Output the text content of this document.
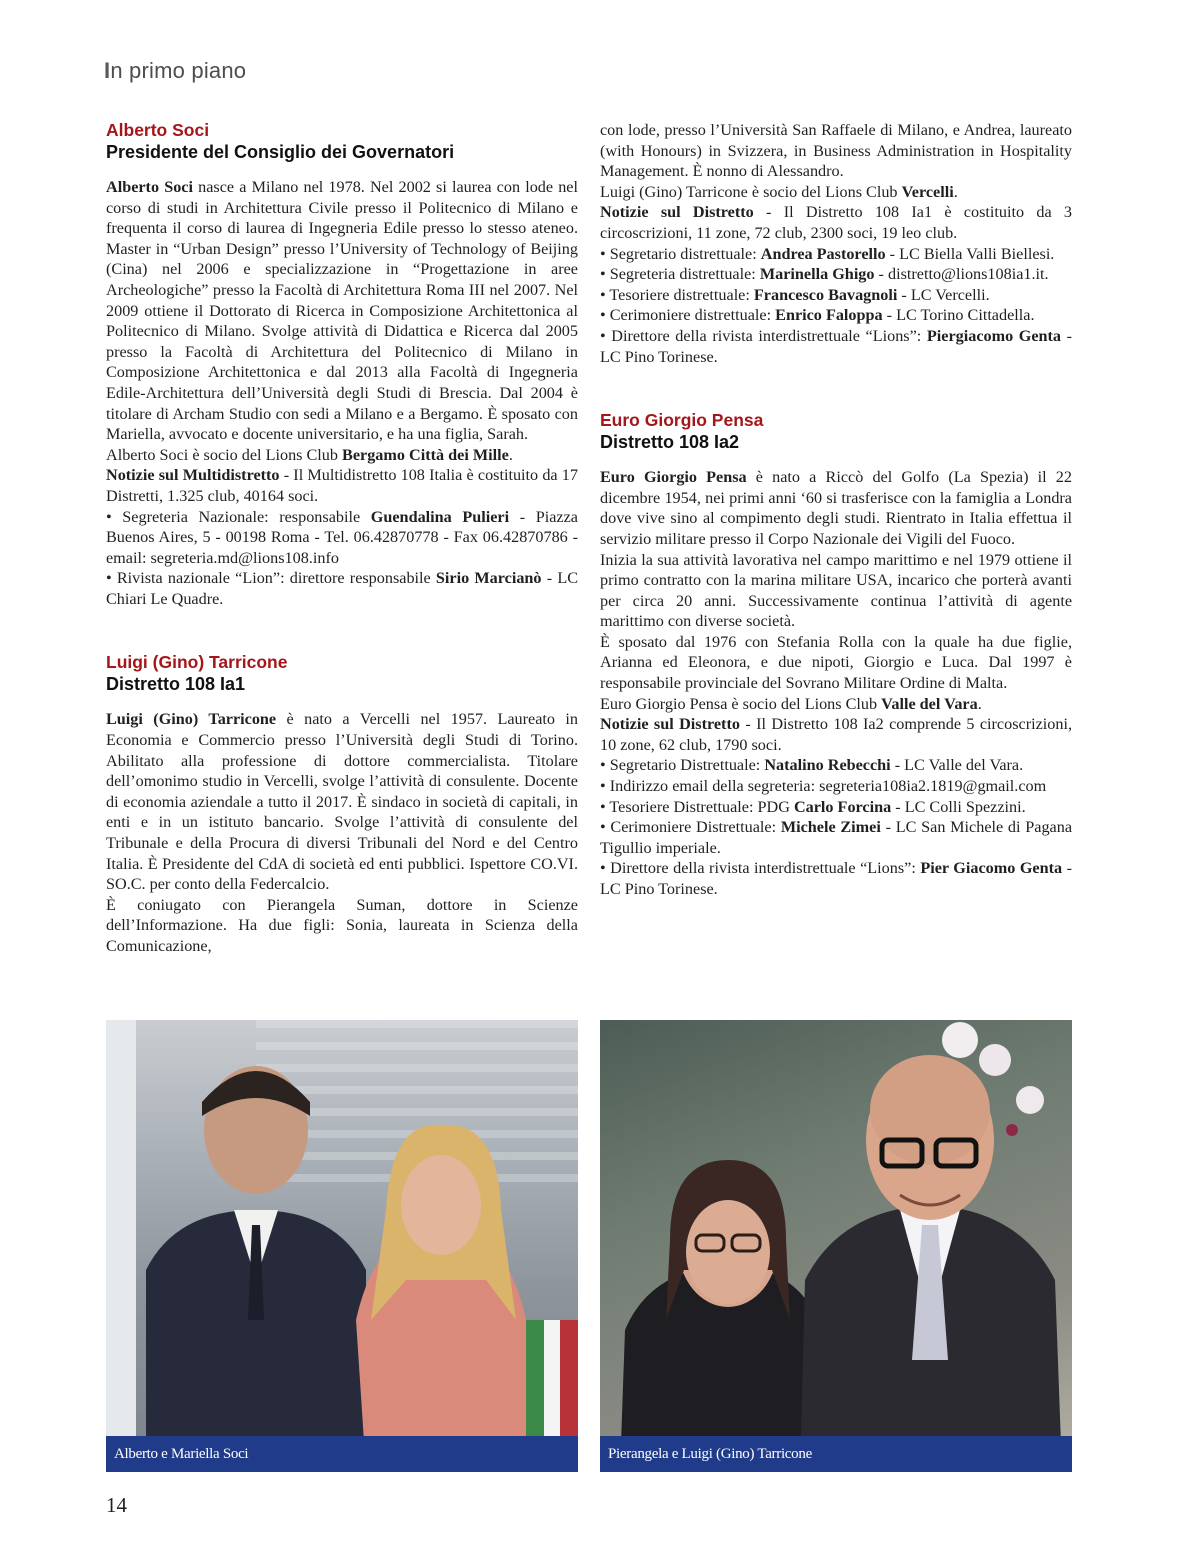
In primo piano
Alberto Soci
Presidente del Consiglio dei Governatori

Alberto Soci nasce a Milano nel 1978. Nel 2002 si laurea con lode nel corso di studi in Architettura Civile presso il Politecnico di Milano e frequenta il corso di laurea di Ingegneria Edile presso lo stesso ateneo. Master in “Urban Design” presso l’University of Technology of Beijing (Cina) nel 2006 e specializzazione in “Progettazione in aree Archeologiche” presso la Facoltà di Architettura Roma III nel 2007. Nel 2009 ottiene il Dottorato di Ricerca in Composizione Architettonica al Politecnico di Milano. Svolge attività di Didattica e Ricerca dal 2005 presso la Facoltà di Architettura del Politecnico di Milano in Composizione Architettonica e dal 2013 alla Facoltà di Ingegneria Edile-Architettura dell’Università degli Studi di Brescia. Dal 2004 è titolare di Archam Studio con sedi a Milano e a Bergamo. È sposato con Mariella, avvocato e docente universitario, e ha una figlia, Sarah.

Alberto Soci è socio del Lions Club Bergamo Città dei Mille.

Notizie sul Multidistretto - Il Multidistretto 108 Italia è costituito da 17 Distretti, 1.325 club, 40164 soci.

• Segreteria Nazionale: responsabile Guendalina Pulieri - Piazza Buenos Aires, 5 - 00198 Roma - Tel. 06.42870778 - Fax 06.42870786 - email: segreteria.md@lions108.info

• Rivista nazionale “Lion”: direttore responsabile Sirio Marcianò - LC Chiari Le Quadre.

Luigi (Gino) Tarricone
Distretto 108 Ia1

Luigi (Gino) Tarricone è nato a Vercelli nel 1957. Laureato in Economia e Commercio presso l’Università degli Studi di Torino. Abilitato alla professione di dottore commercialista. Titolare dell’omonimo studio in Vercelli, svolge l’attività di consulente. Docente di economia aziendale a tutto il 2017. È sindaco in società di capitali, in enti e in un istituto bancario. Svolge l’attività di consulente del Tribunale e della Procura di diversi Tribunali del Nord e del Centro Italia. È Presidente del CdA di società ed enti pubblici. Ispettore CO.VI. SO.C. per conto della Federcalcio.

È coniugato con Pierangela Suman, dottore in Scienze dell’Informazione. Ha due figli: Sonia, laureata in Scienza della Comunicazione,

con lode, presso l’Università San Raffaele di Milano, e Andrea, laureato (with Honours) in Svizzera, in Business Administration in Hospitality Management. È nonno di Alessandro.

Luigi (Gino) Tarricone è socio del Lions Club Vercelli.

Notizie sul Distretto - Il Distretto 108 Ia1 è costituito da 3 circoscrizioni, 11 zone, 72 club, 2300 soci, 19 leo club.

• Segretario distrettuale: Andrea Pastorello - LC Biella Valli Biellesi.

• Segreteria distrettuale: Marinella Ghigo - distretto@lions108ia1.it.

• Tesoriere distrettuale: Francesco Bavagnoli - LC Vercelli.

• Cerimoniere distrettuale: Enrico Faloppa - LC Torino Cittadella.

• Direttore della rivista interdistrettuale “Lions”: Piergiacomo Genta - LC Pino Torinese.

Euro Giorgio Pensa
Distretto 108 Ia2

Euro Giorgio Pensa è nato a Riccò del Golfo (La Spezia) il 22 dicembre 1954, nei primi anni ‘60 si trasferisce con la famiglia a Londra dove vive sino al compimento degli studi. Rientrato in Italia effettua il servizio militare presso il Corpo Nazionale dei Vigili del Fuoco.

Inizia la sua attività lavorativa nel campo marittimo e nel 1979 ottiene il primo contratto con la marina militare USA, incarico che porterà avanti per circa 20 anni. Successivamente continua l’attività di agente marittimo con diverse società.

È sposato dal 1976 con Stefania Rolla con la quale ha due figlie, Arianna ed Eleonora, e due nipoti, Giorgio e Luca. Dal 1997 è responsabile provinciale del Sovrano Militare Ordine di Malta.

Euro Giorgio Pensa è socio del Lions Club Valle del Vara.

Notizie sul Distretto - Il Distretto 108 Ia2 comprende 5 circoscrizioni, 10 zone, 62 club, 1790 soci.

• Segretario Distrettuale: Natalino Rebecchi - LC Valle del Vara.

• Indirizzo email della segreteria: segreteria108ia2.1819@gmail.com

• Tesoriere Distrettuale: PDG Carlo Forcina - LC Colli Spezzini.

• Cerimoniere Distrettuale: Michele Zimei - LC San Michele di Pagana Tigullio imperiale.

• Direttore della rivista interdistrettuale “Lions”: Pier Giacomo Genta - LC Pino Torinese.

Alberto e Mariella Soci	Pierangela e Luigi (Gino) Tarricone
14
